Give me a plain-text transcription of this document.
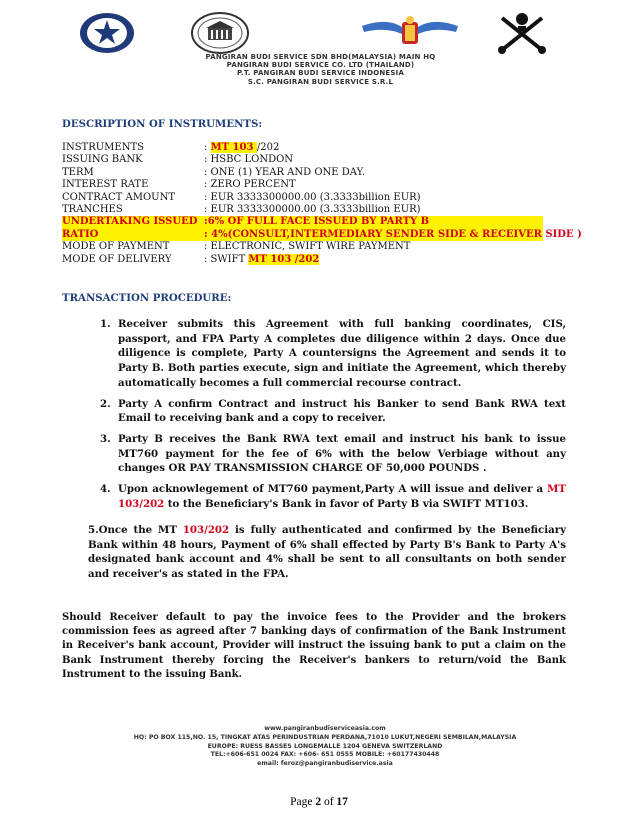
PANGIRAN BUDI SERVICE SDN BHD(MALAYSIA) MAIN HQ
PANGIRAN BUDI SERVICE CO. LTD (THAILAND)
P.T. PANGIRAN BUDI SERVICE INDONESIA
S.C. PANGIRAN BUDI SERVICE S.R.L
DESCRIPTION OF INSTRUMENTS:
INSTRUMENTS	: MT 103 /202
ISSUING BANK	: HSBC LONDON
TERM	: ONE (1) YEAR AND ONE DAY.
INTEREST RATE	: ZERO PERCENT
CONTRACT AMOUNT	: EUR 3333300000.00 (3.3333billion EUR)
TRANCHES	: EUR 3333300000.00 (3.3333billion EUR)
UNDERTAKING ISSUED :6% OF FULL FACE ISSUED BY PARTY B
RATIO	: 4%(CONSULT,INTERMEDIARY SENDER SIDE & RECEIVER SIDE )
MODE OF PAYMENT	: ELECTRONIC, SWIFT WIRE PAYMENT
MODE OF DELIVERY	: SWIFT MT 103 /202
TRANSACTION PROCEDURE:
1. Receiver submits this Agreement with full banking coordinates, CIS, passport, and FPA Party A completes due diligence within 2 days. Once due diligence is complete, Party A countersigns the Agreement and sends it to Party B. Both parties execute, sign and initiate the Agreement, which thereby automatically becomes a full commercial recourse contract.
2. Party A confirm Contract and instruct his Banker to send Bank RWA text Email to receiving bank and a copy to receiver.
3. Party B receives the Bank RWA text email and instruct his bank to issue MT760 payment for the fee of 6% with the below Verbiage without any changes OR PAY TRANSMISSION CHARGE OF 50,000 POUNDS .
4. Upon acknowlegement of MT760 payment,Party A will issue and deliver a MT 103/202 to the Beneficiary's Bank in favor of Party B via SWIFT MT103.
5.Once the MT 103/202 is fully authenticated and confirmed by the Beneficiary Bank within 48 hours, Payment of 6% shall effected by Party B's Bank to Party A's designated bank account and 4% shall be sent to all consultants on both sender and receiver's as stated in the FPA.
Should Receiver default to pay the invoice fees to the Provider and the brokers commission fees as agreed after 7 banking days of confirmation of the Bank Instrument in Receiver's bank account, Provider will instruct the issuing bank to put a claim on the Bank Instrument thereby forcing the Receiver's bankers to return/void the Bank Instrument to the issuing Bank.
www.pangiranbudiserviceasia.com
HQ: PO BOX 115,NO. 15, TINGKAT ATAS PERINDUSTRIAN PERDANA,71010 LUKUT,NEGERI SEMBILAN,MALAYSIA
EUROPE: RUESS BASSES LONGEMALLE 1204 GENEVA SWITZERLAND
TEL:+606-651 0024 FAX: +606- 651 0555 MOBILE: +60177430448
email: feroz@pangiranbudiservice.asia
Page 2 of 17
